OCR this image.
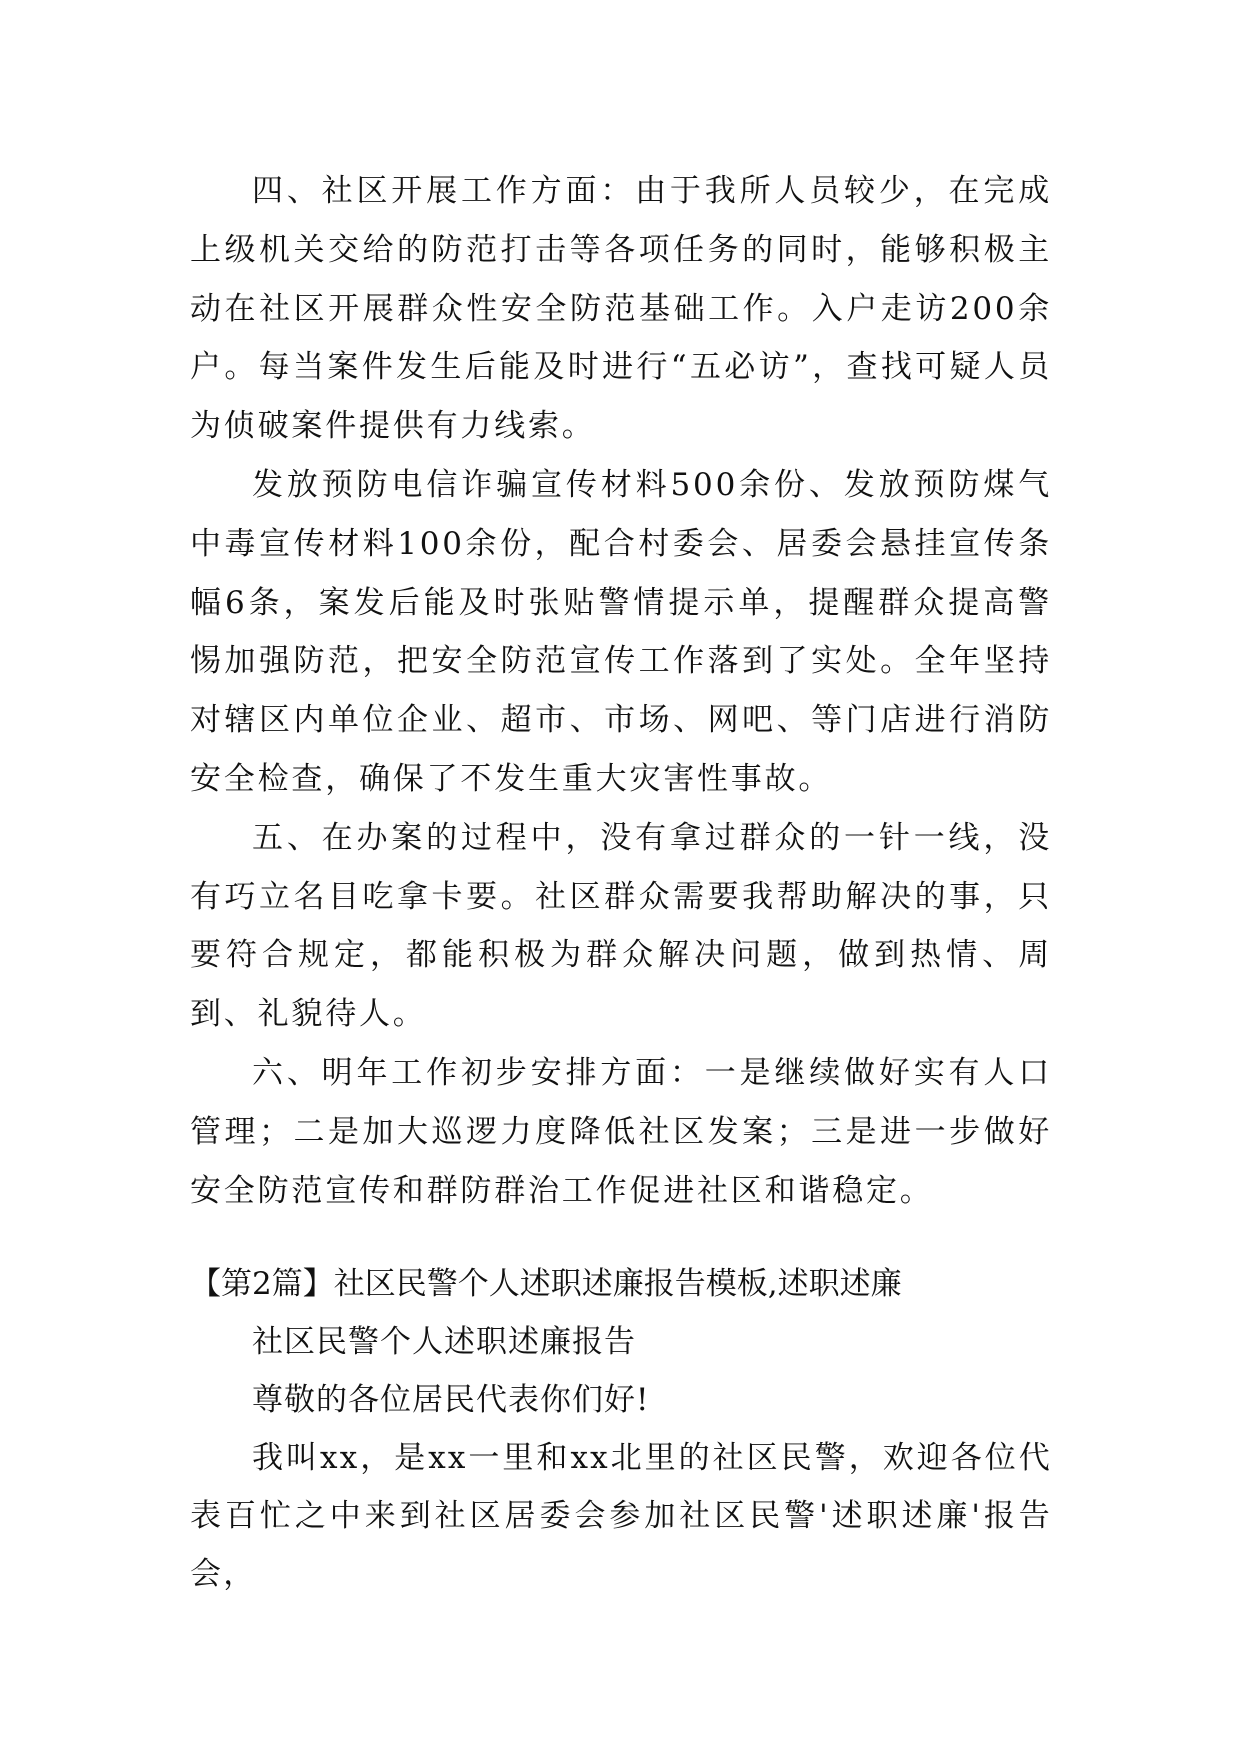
四、社区开展工作方面：由于我所人员较少，在完成上级机关交给的防范打击等各项任务的同时，能够积极主动在社区开展群众性安全防范基础工作。入户走访200余户。每当案件发生后能及时进行“五必访”，查找可疑人员为侦破案件提供有力线索。

发放预防电信诈骗宣传材料500余份、发放预防煤气中毒宣传材料100余份，配合村委会、居委会悬挂宣传条幅6条，案发后能及时张贴警情提示单，提醒群众提高警惕加强防范，把安全防范宣传工作落到了实处。全年坚持对辖区内单位企业、超市、市场、网吧、等门店进行消防安全检查，确保了不发生重大灾害性事故。

五、在办案的过程中，没有拿过群众的一针一线，没有巧立名目吃拿卡要。社区群众需要我帮助解决的事，只要符合规定，都能积极为群众解决问题，做到热情、周到、礼貌待人。

六、明年工作初步安排方面：一是继续做好实有人口管理；二是加大巡逻力度降低社区发案；三是进一步做好安全防范宣传和群防群治工作促进社区和谐稳定。

【第2篇】社区民警个人述职述廉报告模板,述职述廉

社区民警个人述职述廉报告

尊敬的各位居民代表你们好!

我叫xx，是xx一里和xx北里的社区民警，欢迎各位代表百忙之中来到社区居委会参加社区民警'述职述廉'报告会，
